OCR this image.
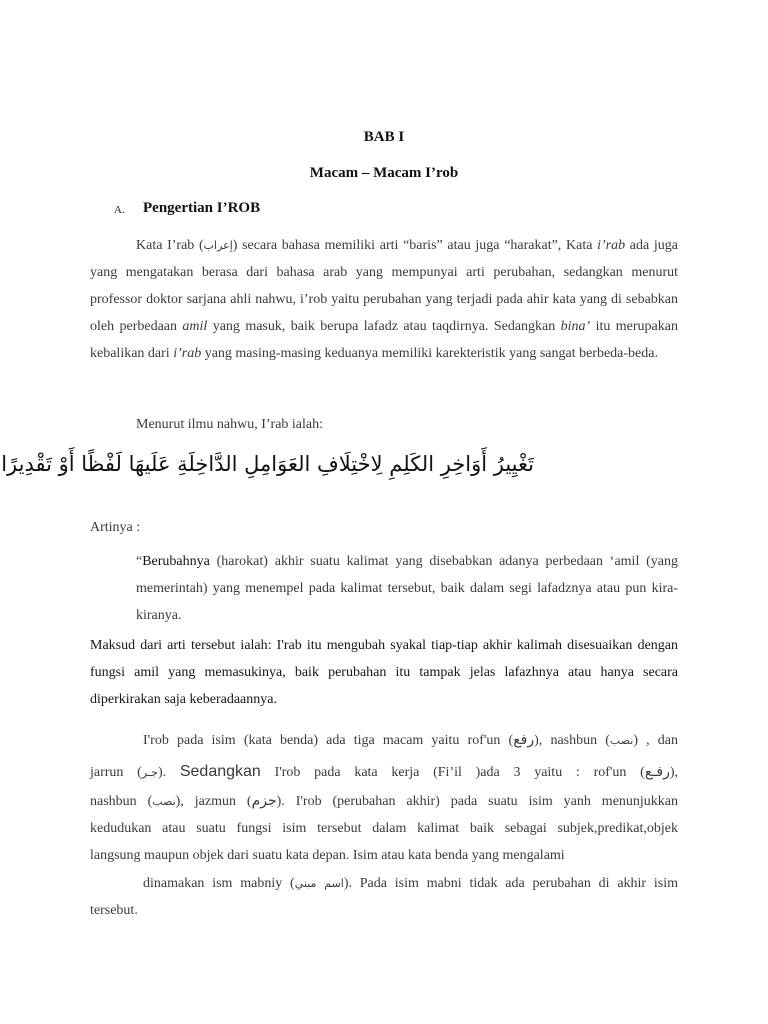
BAB I
Macam – Macam I’rob
A. Pengertian I’ROB
Kata I’rab (إعراب) secara bahasa memiliki arti “baris” atau juga “harakat”, Kata i’rab ada juga yang mengatakan berasa dari bahasa arab yang mempunyai arti perubahan, sedangkan menurut professor doktor sarjana ahli nahwu, i’rob yaitu perubahan yang terjadi pada ahir kata yang di sebabkan oleh perbedaan amil yang masuk, baik berupa lafadz atau taqdirnya. Sedangkan bina’ itu merupakan kebalikan dari i’rab yang masing-masing keduanya memiliki karekteristik yang sangat berbeda-beda.
Menurut ilmu nahwu, I’rab ialah:
تَغْيِيرُ أَوَاخِرِ الكَلِمِ لِاخْتِلَافِ العَوَامِلِ الدَّاخِلَةِ عَلَيهَا لَفْظًا أَوْ تَقْدِيرًا
Artinya :
“Berubahnya (harokat) akhir suatu kalimat yang disebabkan adanya perbedaan ‘amil (yang memerintah) yang menempel pada kalimat tersebut, baik dalam segi lafadznya atau pun kira-kiranya.
Maksud dari arti tersebut ialah: I'rab itu mengubah syakal tiap-tiap akhir kalimah disesuaikan dengan fungsi amil yang memasukinya, baik perubahan itu tampak jelas lafazhnya atau hanya secara diperkirakan saja keberadaannya.
I'rob pada isim (kata benda) ada tiga macam yaitu rof'un (رفع), nashbun (نصب) , dan
jarrun (جـر). Sedangkan I'rob pada kata kerja (Fi’il )ada 3 yaitu : rof'un (رفـع),
nashbun (نصب), jazmun (جزم). I'rob (perubahan akhir) pada suatu isim yanh menunjukkan
kedudukan atau suatu fungsi isim tersebut dalam kalimat baik sebagai subjek,predikat,objek
langsung maupun objek dari suatu kata depan. Isim atau kata benda yang mengalami
dinamakan ism mabniy (اسم مبني). Pada isim mabni tidak ada perubahan di akhir isim
tersebut.
